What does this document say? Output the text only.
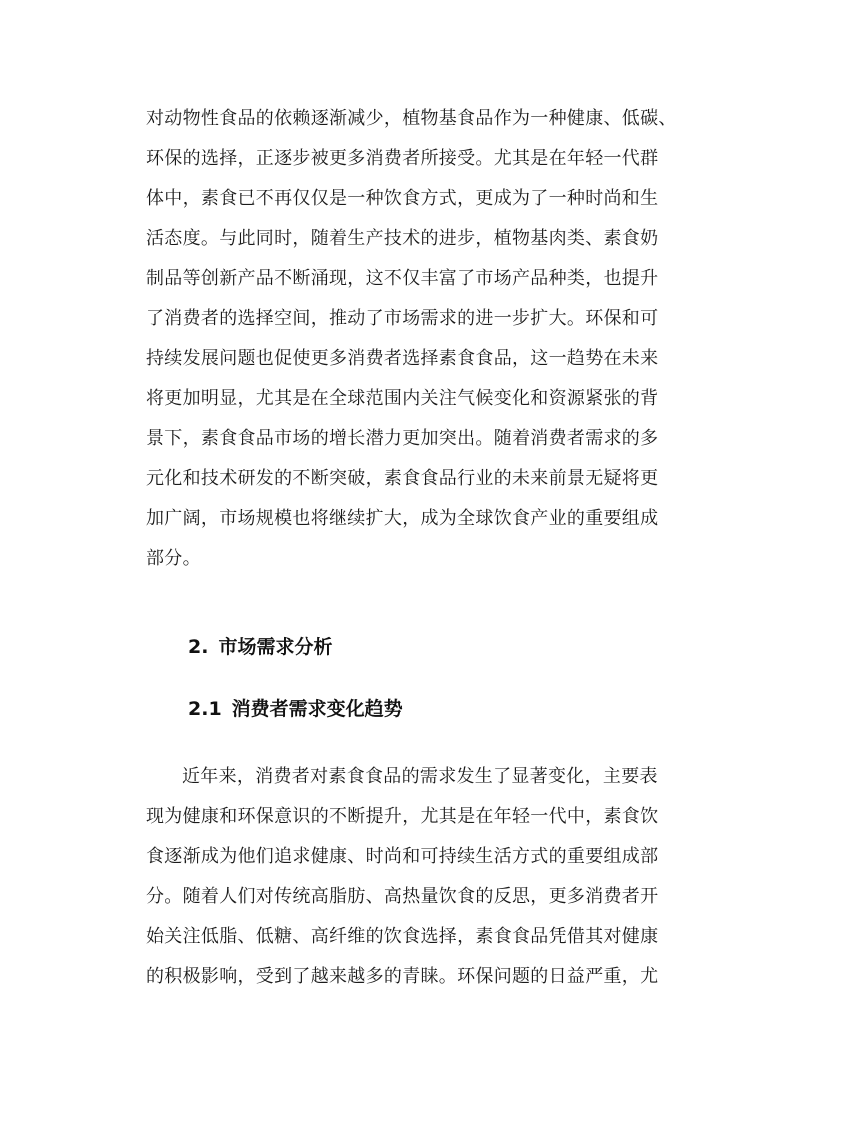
对动物性食品的依赖逐渐减少，植物基食品作为一种健康、低碳、
环保的选择，正逐步被更多消费者所接受。尤其是在年轻一代群
体中，素食已不再仅仅是一种饮食方式，更成为了一种时尚和生
活态度。与此同时，随着生产技术的进步，植物基肉类、素食奶
制品等创新产品不断涌现，这不仅丰富了市场产品种类，也提升
了消费者的选择空间，推动了市场需求的进一步扩大。环保和可
持续发展问题也促使更多消费者选择素食食品，这一趋势在未来
将更加明显，尤其是在全球范围内关注气候变化和资源紧张的背
景下，素食食品市场的增长潜力更加突出。随着消费者需求的多
元化和技术研发的不断突破，素食食品行业的未来前景无疑将更
加广阔，市场规模也将继续扩大，成为全球饮食产业的重要组成
部分。
2. 市场需求分析
2.1 消费者需求变化趋势
近年来，消费者对素食食品的需求发生了显著变化，主要表
现为健康和环保意识的不断提升，尤其是在年轻一代中，素食饮
食逐渐成为他们追求健康、时尚和可持续生活方式的重要组成部
分。随着人们对传统高脂肪、高热量饮食的反思，更多消费者开
始关注低脂、低糖、高纤维的饮食选择，素食食品凭借其对健康
的积极影响，受到了越来越多的青睐。环保问题的日益严重，尤
